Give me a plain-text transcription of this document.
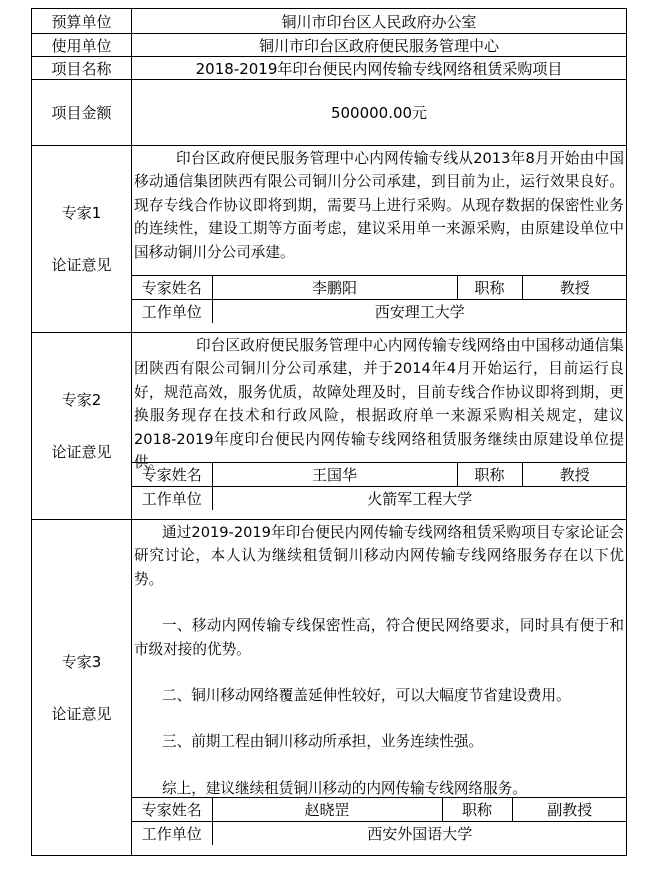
预算单位	铜川市印台区人民政府办公室
使用单位	铜川市印台区政府便民服务管理中心
项目名称	2018-2019年印台便民内网传输专线网络租赁采购项目
项目金额	500000.00元

专家1
论证意见

印台区政府便民服务管理中心内网传输专线从2013年8月开始由中国移动通信集团陕西有限公司铜川分公司承建，到目前为止，运行效果良好。现存专线合作协议即将到期，需要马上进行采购。从现存数据的保密性业务的连续性，建设工期等方面考虑，建议采用单一来源采购，由原建设单位中国移动铜川分公司承建。
专家姓名	李鹏阳	职称	教授
工作单位	西安理工大学

专家2
论证意见

印台区政府便民服务管理中心内网传输专线网络由中国移动通信集团陕西有限公司铜川分公司承建，并于2014年4月开始运行，目前运行良好，规范高效，服务优质，故障处理及时，目前专线合作协议即将到期，更换服务现存在技术和行政风险，根据政府单一来源采购相关规定，建议2018-2019年度印台便民内网传输专线网络租赁服务继续由原建设单位提供。
专家姓名	王国华	职称	教授
工作单位	火箭军工程大学

专家3
论证意见

通过2019-2019年印台便民内网传输专线网络租赁采购项目专家论证会研究讨论，本人认为继续租赁铜川移动内网传输专线网络服务存在以下优势。

一、移动内网传输专线保密性高，符合便民网络要求，同时具有便于和市级对接的优势。

二、铜川移动网络覆盖延伸性较好，可以大幅度节省建设费用。

三、前期工程由铜川移动所承担，业务连续性强。

综上，建议继续租赁铜川移动的内网传输专线网络服务。

专家姓名	赵晓罡	职称	副教授
工作单位	西安外国语大学
